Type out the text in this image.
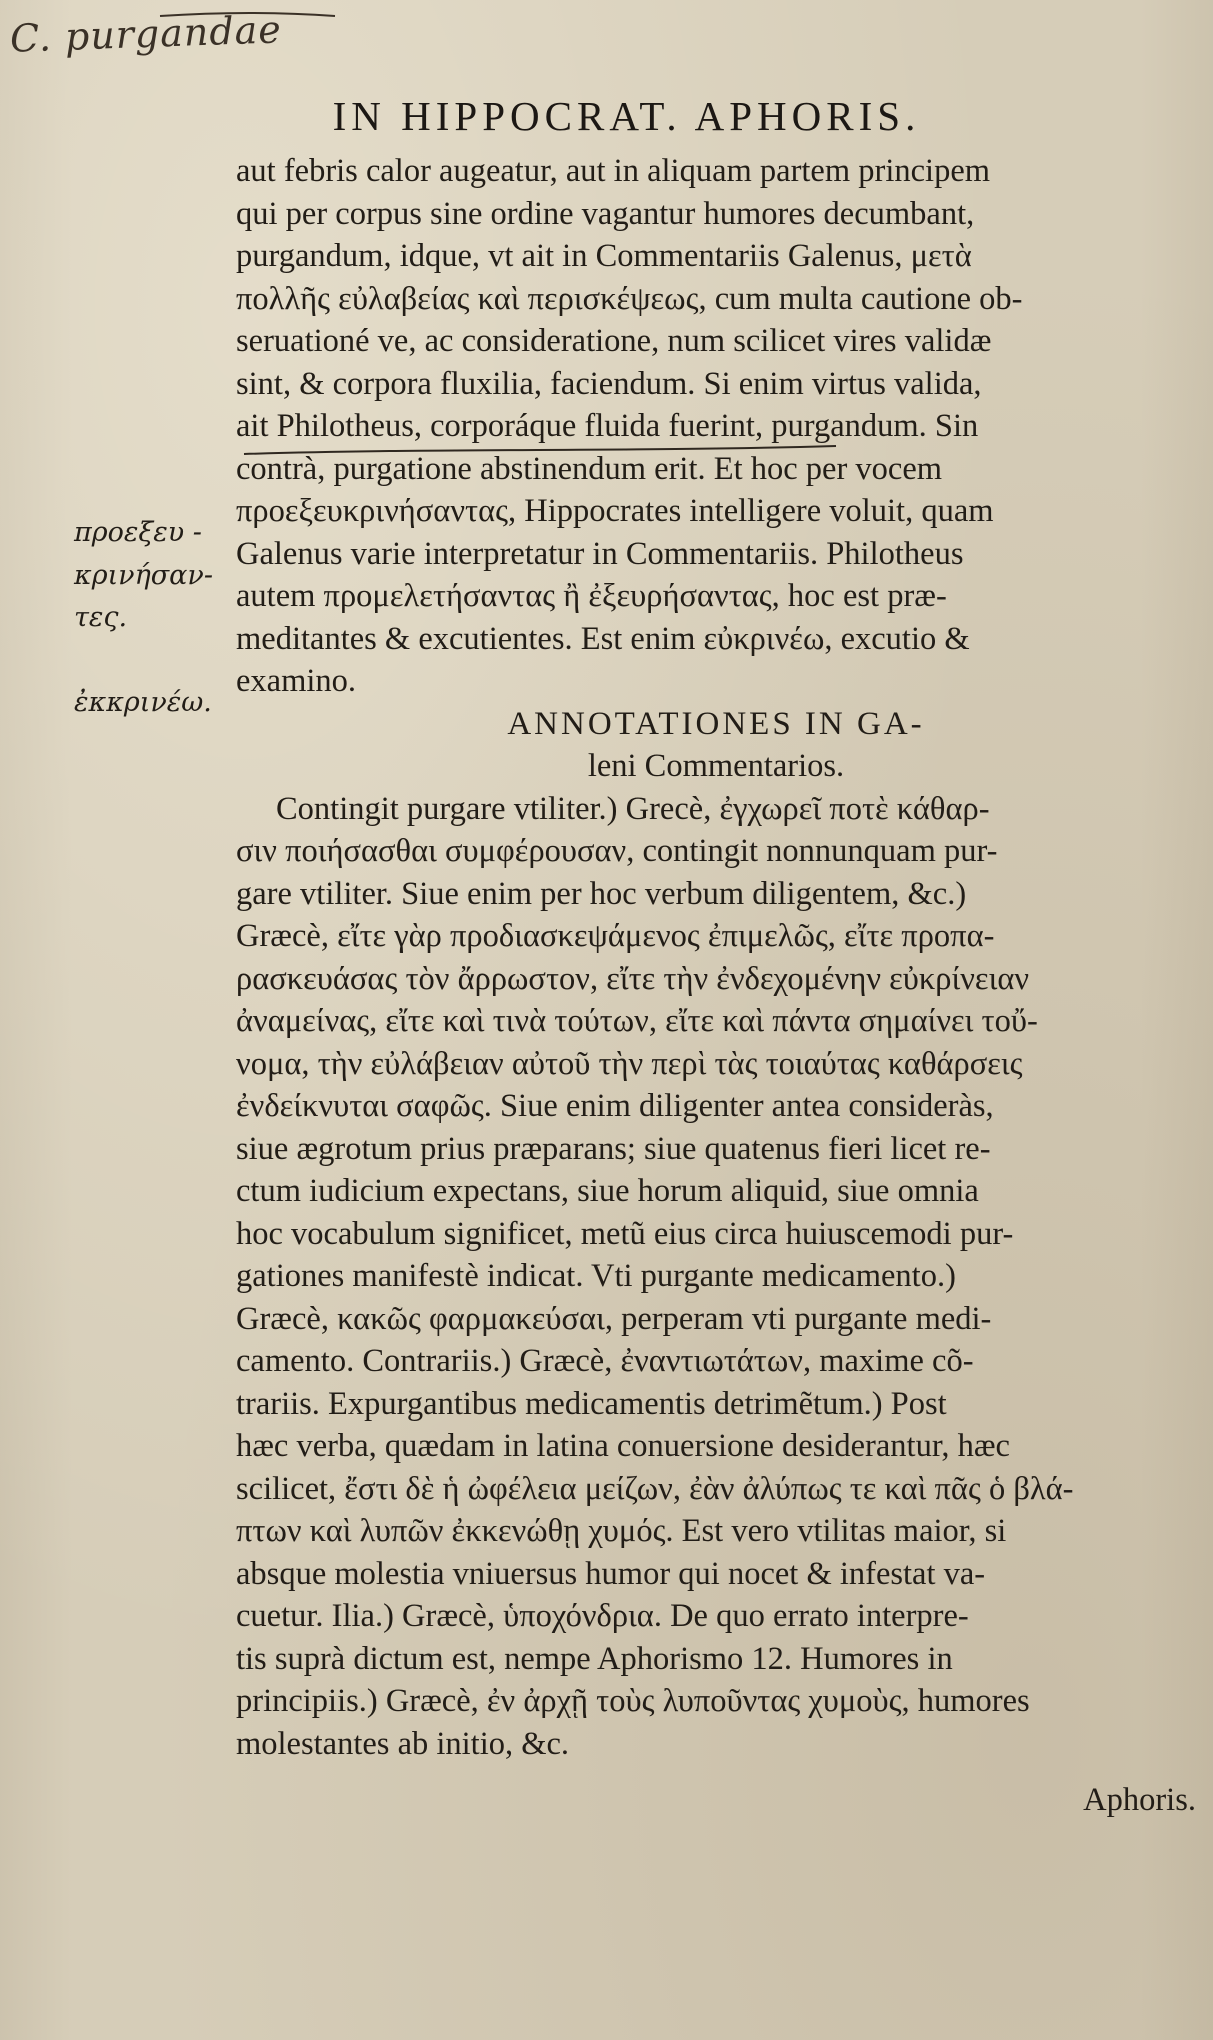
C. purgandae
IN HIPPOCRAT. APHORIS.
προεξευ -
κρινήσαν-
τες.
ἐκκρινέω.
aut febris calor augeatur, aut in aliquam partem principem
qui per corpus sine ordine vagantur humores decumbant,
purgandum, idque, vt ait in Commentariis Galenus, μετὰ
πολλῆς εὐλαβείας καὶ περισκέψεως, cum multa cautione ob-
seruationé ve, ac consideratione, num scilicet vires validæ
sint, & corpora fluxilia, faciendum. Si enim virtus valida,
ait Philotheus, corporáque fluida fuerint, purgandum. Sin
contrà, purgatione abstinendum erit. Et hoc per vocem
προεξευκρινήσαντας, Hippocrates intelligere voluit, quam
Galenus varie interpretatur in Commentariis. Philotheus
autem προμελετήσαντας ἢ ἐξευρήσαντας, hoc est præ-
meditantes & excutientes. Est enim εὐκρινέω, excutio &
examino.
ANNOTATIONES IN GA-
leni Commentarios.
Contingit purgare vtiliter.) Grecè, ἐγχωρεῖ ποτὲ κάθαρ-
σιν ποιήσασθαι συμφέρουσαν, contingit nonnunquam pur-
gare vtiliter. Siue enim per hoc verbum diligentem, &c.)
Græcè, εἴτε γὰρ προδιασκεψάμενος ἐπιμελῶς, εἴτε προπα-
ρασκευάσας τὸν ἄρρωστον, εἴτε τὴν ἐνδεχομένην εὐκρίνειαν
ἀναμείνας, εἴτε καὶ τινὰ τούτων, εἴτε καὶ πάντα σημαίνει τοὔ-
νομα, τὴν εὐλάβειαν αὐτοῦ τὴν περὶ τὰς τοιαύτας καθάρσεις
ἐνδείκνυται σαφῶς. Siue enim diligenter antea consideràs,
siue ægrotum prius præparans; siue quatenus fieri licet re-
ctum iudicium expectans, siue horum aliquid, siue omnia
hoc vocabulum significet, metũ eius circa huiuscemodi pur-
gationes manifestè indicat. Vti purgante medicamento.)
Græcè, κακῶς φαρμακεύσαι, perperam vti purgante medi-
camento. Contrariis.) Græcè, ἐναντιωτάτων, maxime cõ-
trariis. Expurgantibus medicamentis detrimẽtum.) Post
hæc verba, quædam in latina conuersione desiderantur, hæc
scilicet, ἔστι δὲ ἡ ὠφέλεια μείζων, ἐὰν ἀλύπως τε καὶ πᾶς ὁ βλά-
πτων καὶ λυπῶν ἐκκενώθῃ χυμός. Est vero vtilitas maior, si
absque molestia vniuersus humor qui nocet & infestat va-
cuetur. Ilia.) Græcè, ὑποχόνδρια. De quo errato interpre-
tis suprà dictum est, nempe Aphorismo 12. Humores in
principiis.) Græcè, ἐν ἀρχῇ τοὺς λυποῦντας χυμοὺς, humores
molestantes ab initio, &c.
Aphoris.
